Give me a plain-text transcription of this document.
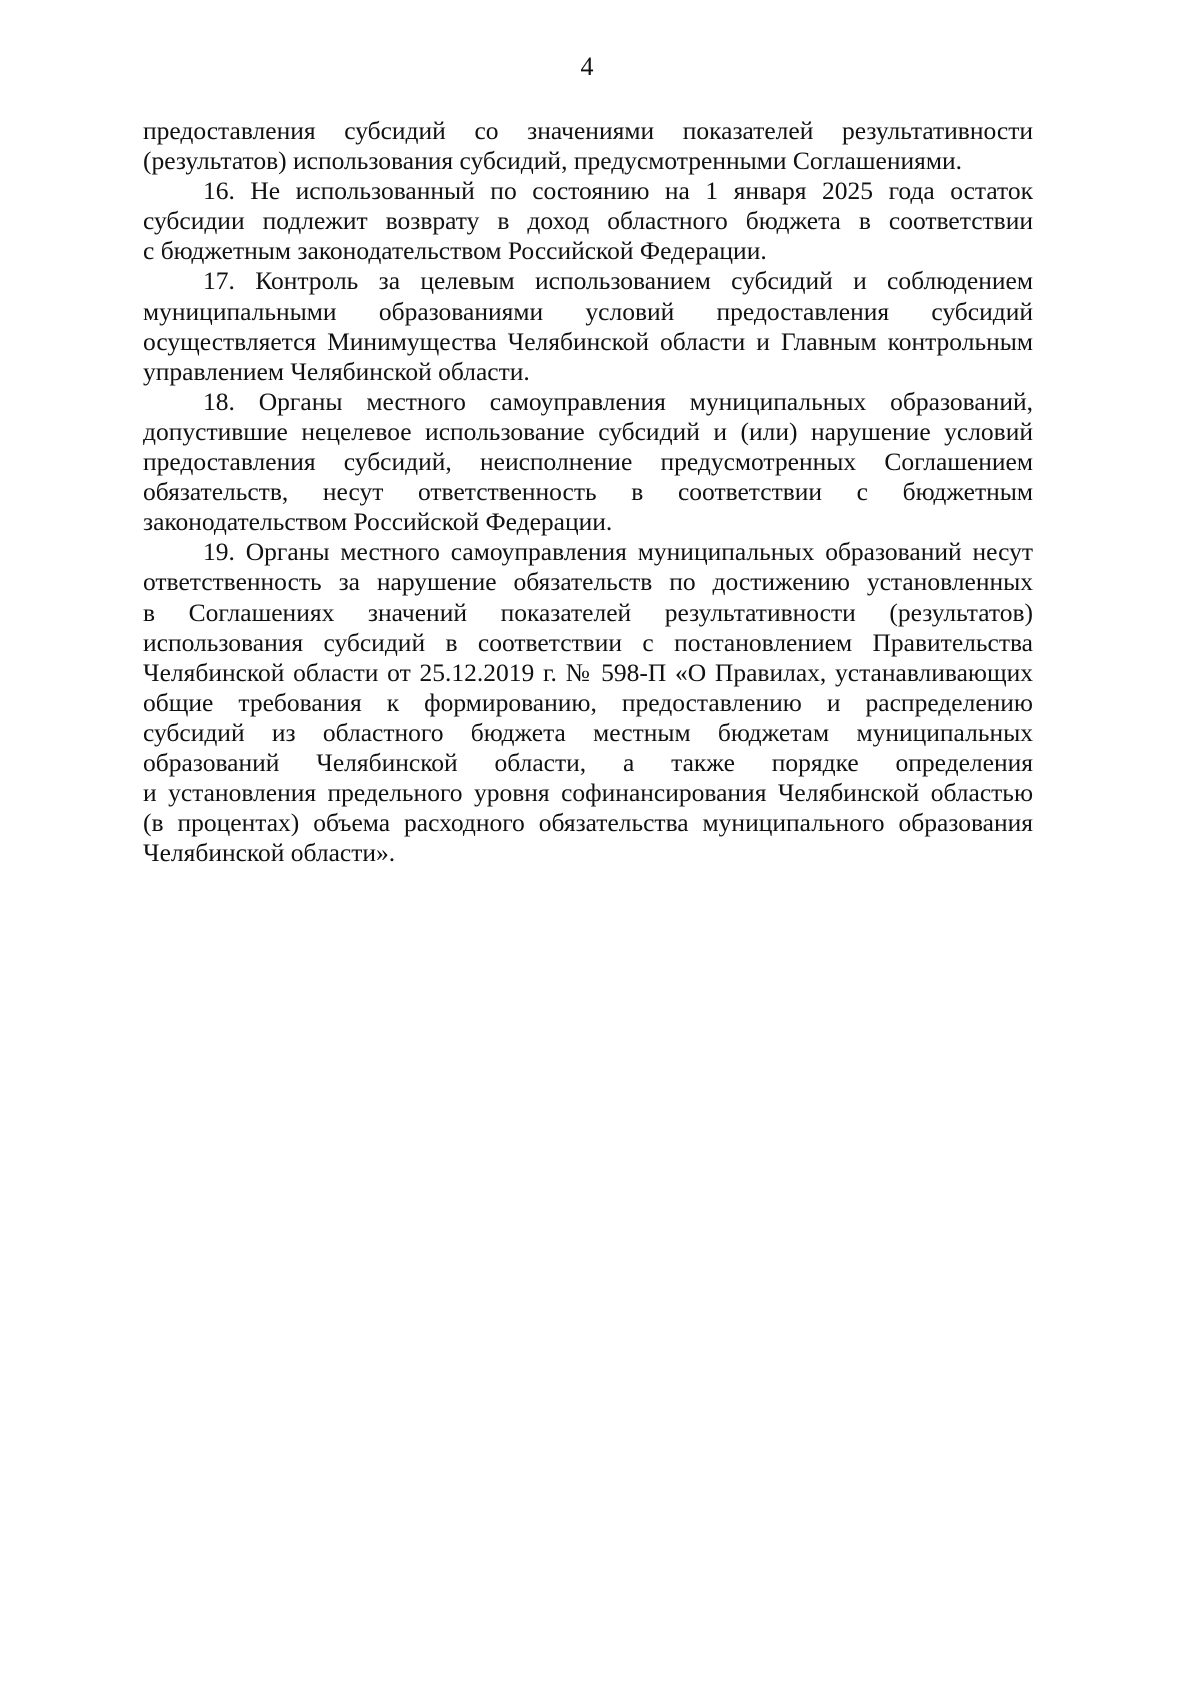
4
предоставления субсидий со значениями показателей результативности
(результатов) использования субсидий, предусмотренными Соглашениями.
16. Не использованный по состоянию на 1 января 2025 года остаток
субсидии подлежит возврату в доход областного бюджета в соответствии
с бюджетным законодательством Российской Федерации.
17. Контроль за целевым использованием субсидий и соблюдением
муниципальными образованиями условий предоставления субсидий
осуществляется Минимущества Челябинской области и Главным контрольным
управлением Челябинской области.
18. Органы местного самоуправления муниципальных образований,
допустившие нецелевое использование субсидий и (или) нарушение условий
предоставления субсидий, неисполнение предусмотренных Соглашением
обязательств, несут ответственность в соответствии с бюджетным
законодательством Российской Федерации.
19. Органы местного самоуправления муниципальных образований несут
ответственность за нарушение обязательств по достижению установленных
в Соглашениях значений показателей результативности (результатов)
использования субсидий в соответствии с постановлением Правительства
Челябинской области от 25.12.2019 г. № 598-П «О Правилах, устанавливающих
общие требования к формированию, предоставлению и распределению
субсидий из областного бюджета местным бюджетам муниципальных
образований Челябинской области, а также порядке определения
и установления предельного уровня софинансирования Челябинской областью
(в процентах) объема расходного обязательства муниципального образования
Челябинской области».
